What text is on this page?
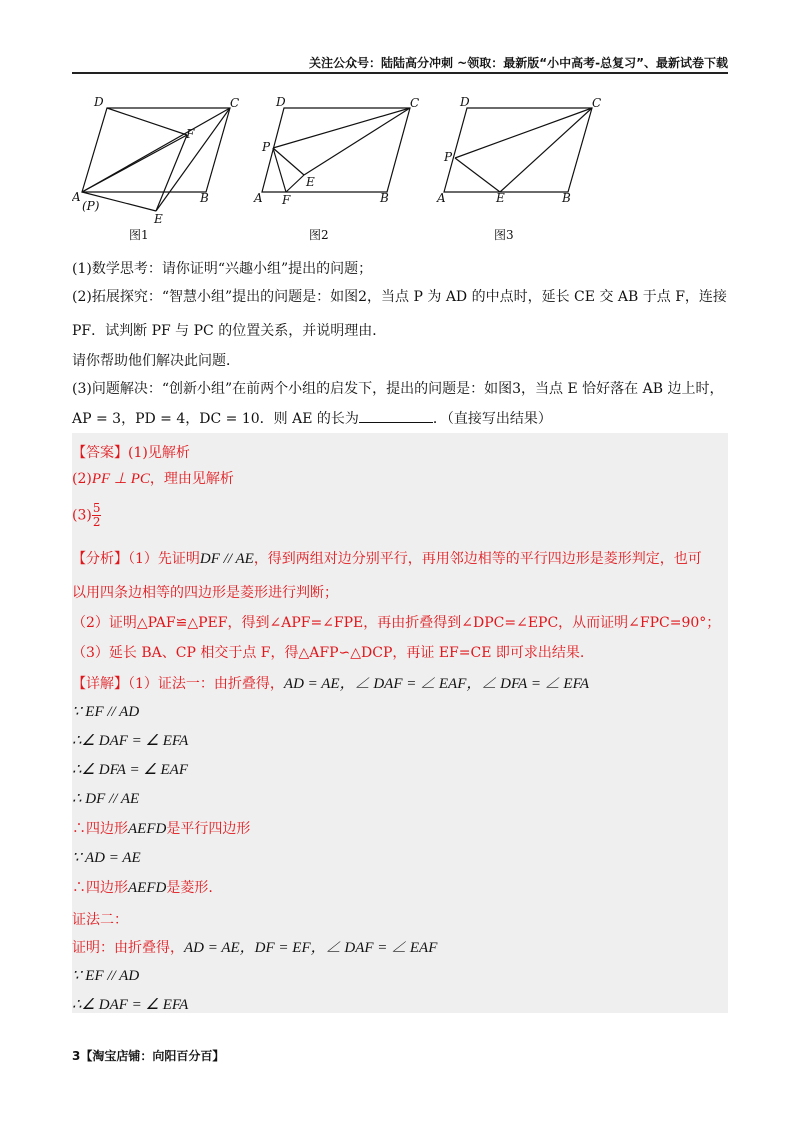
关注公众号：陆陆高分冲刺 ~领取：最新版“小中高考-总复习”、最新试卷下载
D	C
F
A
(P)
E
B
图1
D	C
P
E
A F	B
图2
D	C
P
A	E	B
图3
(1)数学思考：请你证明“兴趣小组”提出的问题；
(2)拓展探究：“智慧小组”提出的问题是：如图2，当点 P 为 AD 的中点时，延长 CE 交 AB 于点 F，连接
PF．试判断 PF 与 PC 的位置关系，并说明理由．
请你帮助他们解决此问题．
(3)问题解决：“创新小组”在前两个小组的启发下，提出的问题是：如图3，当点 E 恰好落在 AB 边上时，
AP = 3，PD = 4，DC = 10．则 AE 的长为	．（直接写出结果）
【答案】(1)见解析
(2)PF ⊥ PC，理由见解析
$(3) \frac{5}{2}$
【分析】（1）先证明DF // AE，得到两组对边分别平行，再用邻边相等的平行四边形是菱形判定，也可
以用四条边相等的四边形是菱形进行判断；
（2）证明△PAF≌△PEF，得到∠APF=∠FPE，再由折叠得到∠DPC=∠EPC，从而证明∠FPC=90°；
（3）延长 BA、CP 相交于点 F，得△AFP∽△DCP，再证 EF=CE 即可求出结果.
【详解】（1）证法一：由折叠得，AD = AE，∠ DAF = ∠ EAF，∠ DFA = ∠ EFA
∵ EF // AD
∴∠ DAF = ∠ EFA
∴∠ DFA = ∠ EAF
∴ DF // AE
∴四边形AEFD是平行四边形
∵ AD = AE
∴四边形AEFD是菱形.
证法二：
证明：由折叠得，AD = AE，DF = EF，∠ DAF = ∠ EAF
∵ EF // AD
∴∠ DAF = ∠ EFA
3【淘宝店铺：向阳百分百】
